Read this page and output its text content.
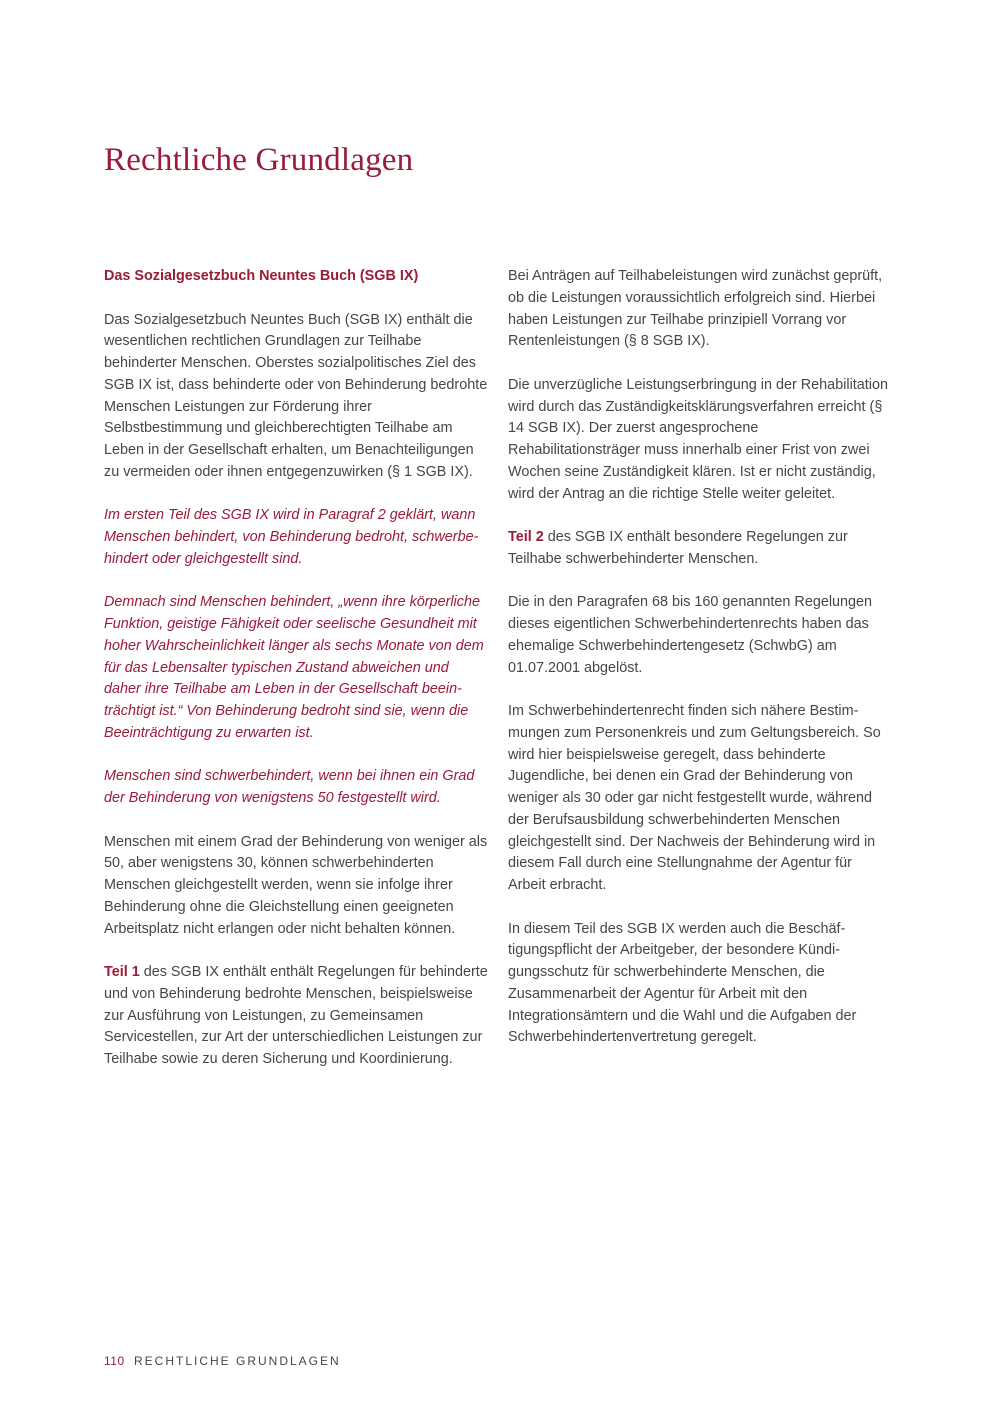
Rechtliche Grundlagen
Das Sozialgesetzbuch Neuntes Buch (SGB IX)

Das Sozialgesetzbuch Neuntes Buch (SGB IX) enthält die wesentlichen rechtlichen Grundlagen zur Teilhabe behinderter Menschen. Oberstes sozialpolitisches Ziel des SGB IX ist, dass behinderte oder von Behinderung bedrohte Menschen Leistungen zur Förderung ihrer Selbstbestimmung und gleichberechtigten Teilhabe am Leben in der Gesellschaft erhalten, um Benachteiligungen zu vermeiden oder ihnen entgegenzuwirken (§ 1 SGB IX).

Im ersten Teil des SGB IX wird in Paragraf 2 geklärt, wann Menschen behindert, von Behinderung bedroht, schwerbehindert oder gleichgestellt sind.

Demnach sind Menschen behindert, „wenn ihre körperliche Funktion, geistige Fähigkeit oder seelische Gesundheit mit hoher Wahrscheinlichkeit länger als sechs Monate von dem für das Lebensalter typischen Zustand abweichen und daher ihre Teilhabe am Leben in der Gesellschaft beeinträchtigt ist.“ Von Behinderung bedroht sind sie, wenn die Beeinträchtigung zu erwarten ist.

Menschen sind schwerbehindert, wenn bei ihnen ein Grad der Behinderung von wenigstens 50 festgestellt wird.

Menschen mit einem Grad der Behinderung von weniger als 50, aber wenigstens 30, können schwerbehinderten Menschen gleichgestellt werden, wenn sie infolge ihrer Behinderung ohne die Gleichstellung einen geeigneten Arbeitsplatz nicht erlangen oder nicht behalten können.

Teil 1 des SGB IX enthält enthält Regelungen für behinderte und von Behinderung bedrohte Menschen, beispielsweise zur Ausführung von Leistungen, zu Gemeinsamen Servicestellen, zur Art der unterschiedlichen Leistungen zur Teilhabe sowie zu deren Sicherung und Koordinierung.

Bei Anträgen auf Teilhabeleistungen wird zunächst geprüft, ob die Leistungen voraussichtlich erfolgreich sind. Hierbei haben Leistungen zur Teilhabe prinzipiell Vorrang vor Rentenleistungen (§ 8 SGB IX).

Die unverzügliche Leistungserbringung in der Rehabilitation wird durch das Zuständigkeitsklärungsverfahren erreicht (§ 14 SGB IX). Der zuerst angesprochene Rehabilitationsträger muss innerhalb einer Frist von zwei Wochen seine Zuständigkeit klären. Ist er nicht zuständig, wird der Antrag an die richtige Stelle weiter geleitet.

Teil 2 des SGB IX enthält besondere Regelungen zur Teilhabe schwerbehinderter Menschen.

Die in den Paragrafen 68 bis 160 genannten Regelungen dieses eigentlichen Schwerbehindertenrechts haben das ehemalige Schwerbehindertengesetz (SchwbG) am 01.07.2001 abgelöst.

Im Schwerbehindertenrecht finden sich nähere Bestimmungen zum Personenkreis und zum Geltungsbereich. So wird hier beispielsweise geregelt, dass behinderte Jugendliche, bei denen ein Grad der Behinderung von weniger als 30 oder gar nicht festgestellt wurde, während der Berufsausbildung schwerbehinderten Menschen gleichgestellt sind. Der Nachweis der Behinderung wird in diesem Fall durch eine Stellungnahme der Agentur für Arbeit erbracht.

In diesem Teil des SGB IX werden auch die Beschäftigungspflicht der Arbeitgeber, der besondere Kündigungsschutz für schwerbehinderte Menschen, die Zusammenarbeit der Agentur für Arbeit mit den Integrationsämtern und die Wahl und die Aufgaben der Schwerbehindertenvertretung geregelt.

110 RECHTLICHE GRUNDLAGEN
